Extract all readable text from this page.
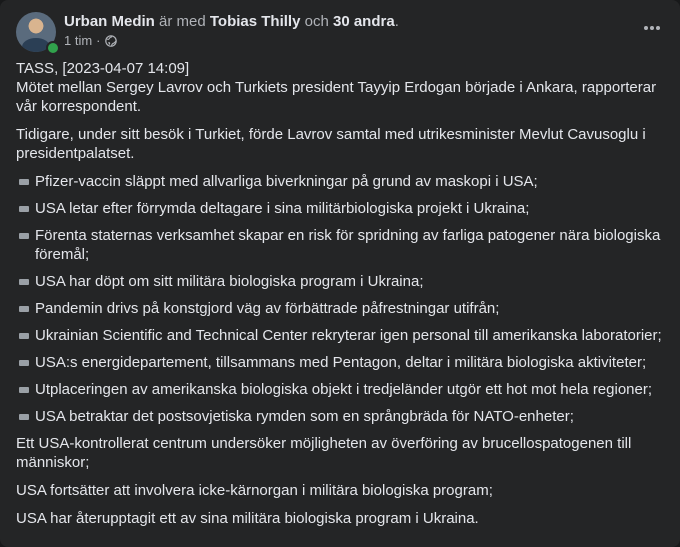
Urban Medin är med Tobias Thilly och 30 andra.
1 tim ·

TASS, [2023-04-07 14:09]

Mötet mellan Sergey Lavrov och Turkiets president Tayyip Erdogan började i Ankara, rapporterar vår korrespondent.

Tidigare, under sitt besök i Turkiet, förde Lavrov samtal med utrikesminister Mevlut Cavusoglu i presidentpalatset.

Pfizer-vaccin släppt med allvarliga biverkningar på grund av maskopi i USA;
USA letar efter förrymda deltagare i sina militärbiologiska projekt i Ukraina;
Förenta staternas verksamhet skapar en risk för spridning av farliga patogener nära biologiska föremål;
USA har döpt om sitt militära biologiska program i Ukraina;
Pandemin drivs på konstgjord väg av förbättrade påfrestningar utifrån;
Ukrainian Scientific and Technical Center rekryterar igen personal till amerikanska laboratorier;
USA:s energidepartement, tillsammans med Pentagon, deltar i militära biologiska aktiviteter;
Utplaceringen av amerikanska biologiska objekt i tredjeländer utgör ett hot mot hela regioner;
USA betraktar det postsovjetiska rymden som en språngbräda för NATO-enheter;

Ett USA-kontrollerat centrum undersöker möjligheten av överföring av brucellospatogenen till människor;

USA fortsätter att involvera icke-kärnorgan i militära biologiska program;

USA har återupptagit ett av sina militära biologiska program i Ukraina.
